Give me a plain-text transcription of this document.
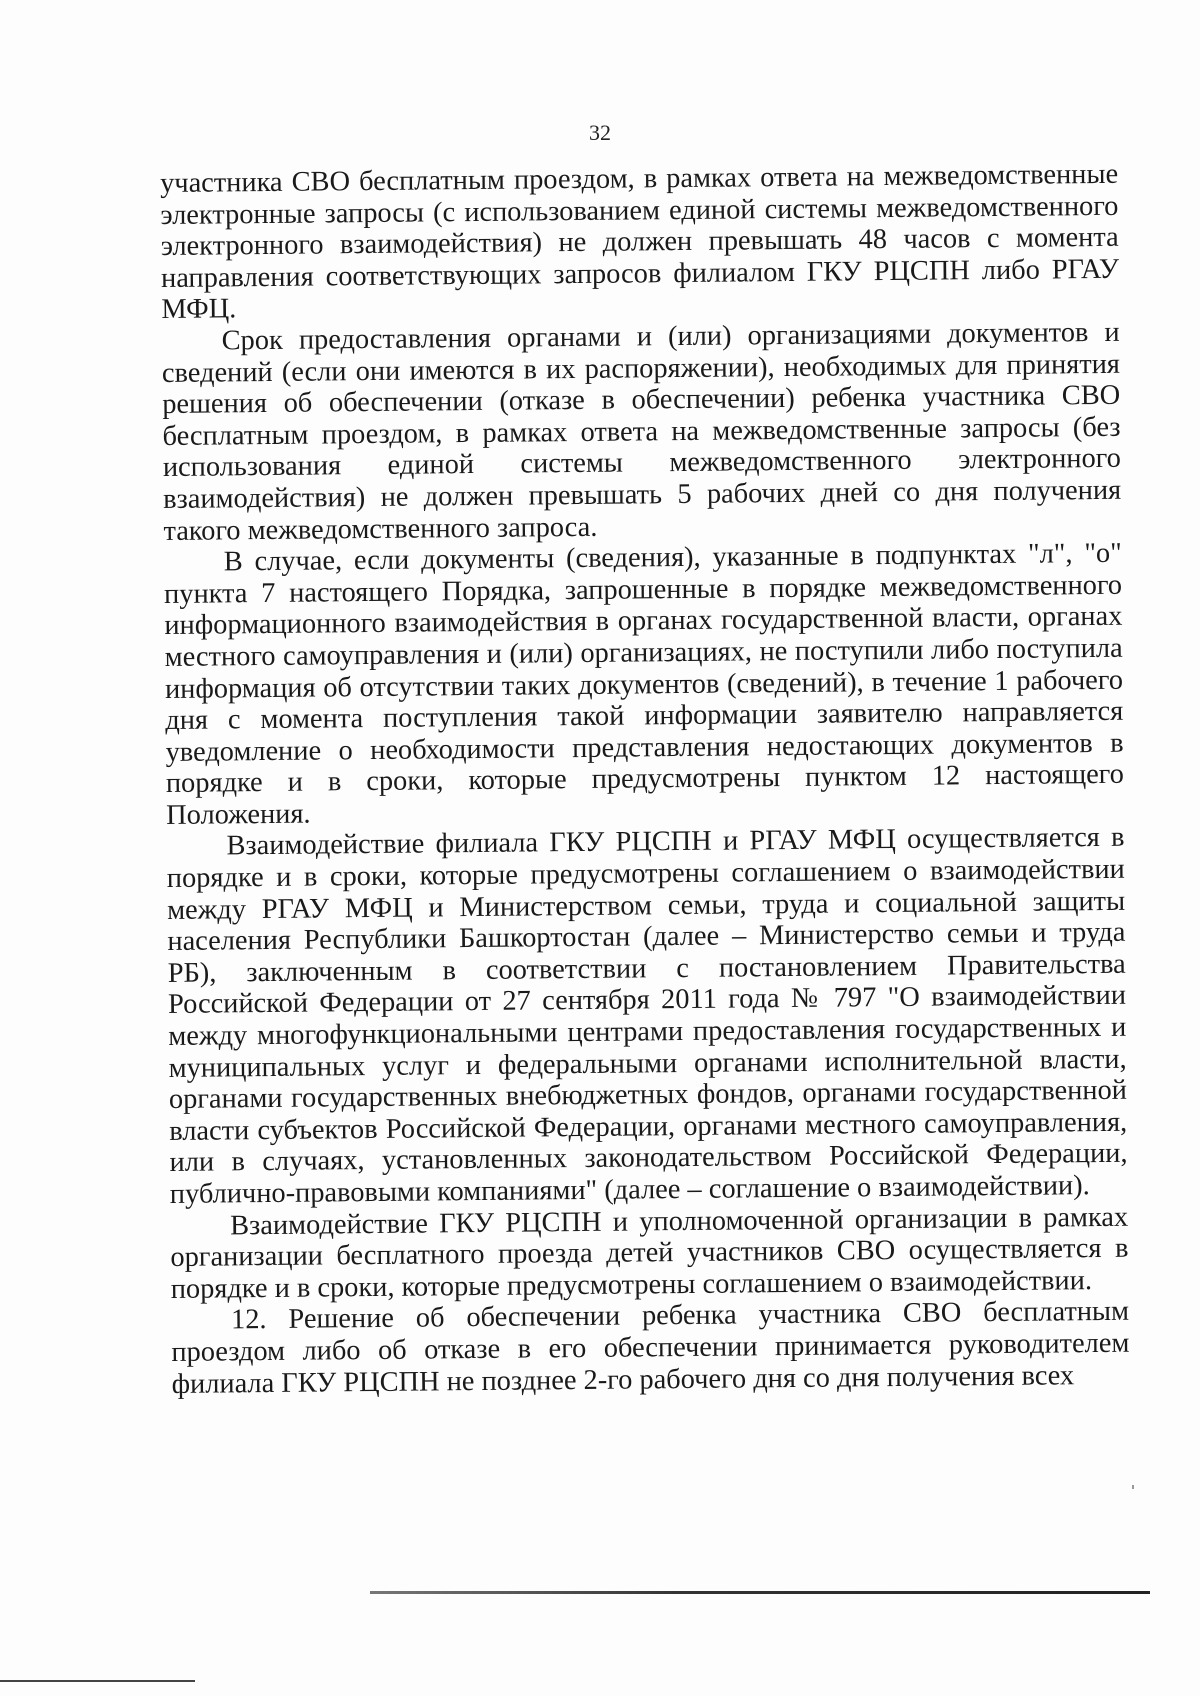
32

участника СВО бесплатным проездом, в рамках ответа на межведомственные электронные запросы (с использованием единой системы межведомственного электронного взаимодействия) не должен превышать 48 часов с момента направления соответствующих запросов филиалом ГКУ РЦСПН либо РГАУ МФЦ.

Срок предоставления органами и (или) организациями документов и сведений (если они имеются в их распоряжении), необходимых для принятия решения об обеспечении (отказе в обеспечении) ребенка участника СВО бесплатным проездом, в рамках ответа на межведомственные запросы (без использования единой системы межведомственного электронного взаимодействия) не должен превышать 5 рабочих дней со дня получения такого межведомственного запроса.

В случае, если документы (сведения), указанные в подпунктах "л", "о" пункта 7 настоящего Порядка, запрошенные в порядке межведомственного информационного взаимодействия в органах государственной власти, органах местного самоуправления и (или) организациях, не поступили либо поступила информация об отсутствии таких документов (сведений), в течение 1 рабочего дня с момента поступления такой информации заявителю направляется уведомление о необходимости представления недостающих документов в порядке и в сроки, которые предусмотрены пунктом 12 настоящего Положения.

Взаимодействие филиала ГКУ РЦСПН и РГАУ МФЦ осуществляется в порядке и в сроки, которые предусмотрены соглашением о взаимодействии между РГАУ МФЦ и Министерством семьи, труда и социальной защиты населения Республики Башкортостан (далее – Министерство семьи и труда РБ), заключенным в соответствии с постановлением Правительства Российской Федерации от 27 сентября 2011 года № 797 "О взаимодействии между многофункциональными центрами предоставления государственных и муниципальных услуг и федеральными органами исполнительной власти, органами государственных внебюджетных фондов, органами государственной власти субъектов Российской Федерации, органами местного самоуправления, или в случаях, установленных законодательством Российской Федерации, публично-правовыми компаниями" (далее – соглашение о взаимодействии).

Взаимодействие ГКУ РЦСПН и уполномоченной организации в рамках организации бесплатного проезда детей участников СВО осуществляется в порядке и в сроки, которые предусмотрены соглашением о взаимодействии.

12. Решение об обеспечении ребенка участника СВО бесплатным проездом либо об отказе в его обеспечении принимается руководителем филиала ГКУ РЦСПН не позднее 2-го рабочего дня со дня получения всех
